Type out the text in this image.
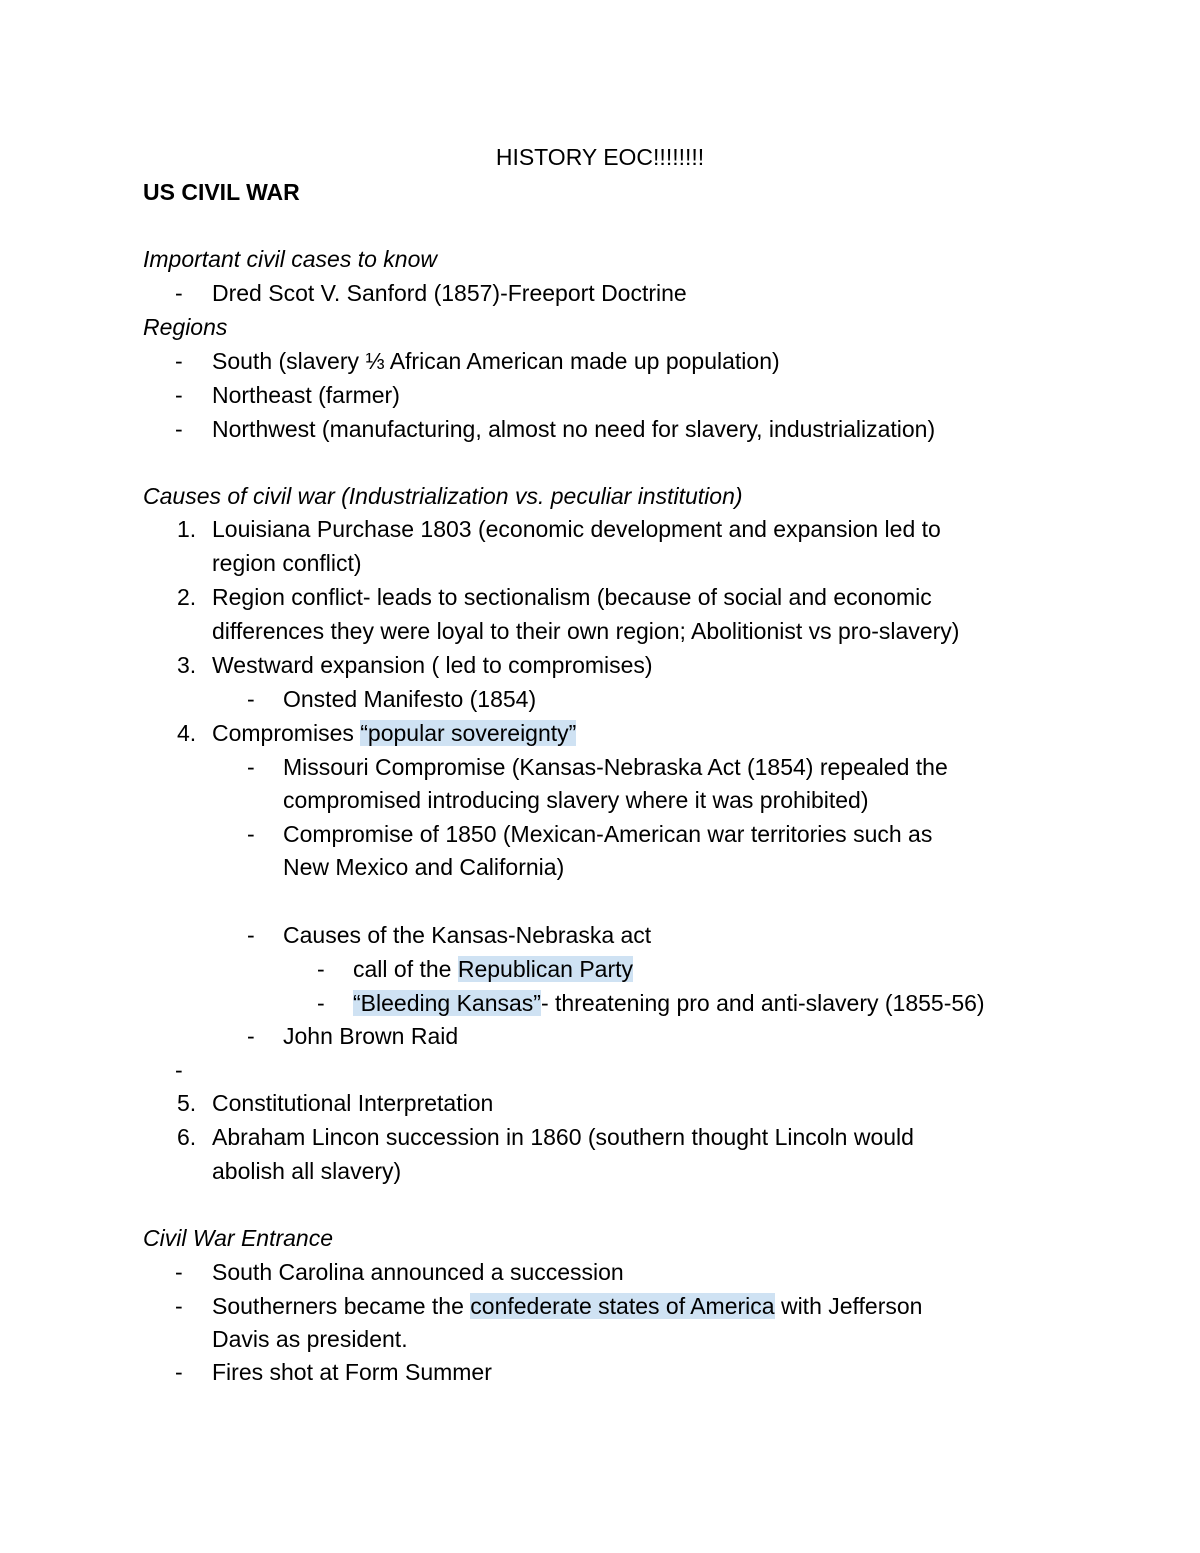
HISTORY EOC!!!!!!!!
US CIVIL WAR
Important civil cases to know
- Dred Scot V. Sanford (1857)-Freeport Doctrine
Regions
- South (slavery ⅓ African American made up population)
- Northeast (farmer)
- Northwest (manufacturing, almost no need for slavery, industrialization)
Causes of civil war (Industrialization vs. peculiar institution)
1. Louisiana Purchase 1803 (economic development and expansion led to
region conflict)
2. Region conflict- leads to sectionalism (because of social and economic
differences they were loyal to their own region; Abolitionist vs pro-slavery)
3. Westward expansion ( led to compromises)
- Onsted Manifesto (1854)
4. Compromises “popular sovereignty”
- Missouri Compromise (Kansas-Nebraska Act (1854) repealed the
compromised introducing slavery where it was prohibited)
- Compromise of 1850 (Mexican-American war territories such as
New Mexico and California)
- Causes of the Kansas-Nebraska act
- call of the Republican Party
- “Bleeding Kansas”- threatening pro and anti-slavery (1855-56)
- John Brown Raid
-
5. Constitutional Interpretation
6. Abraham Lincon succession in 1860 (southern thought Lincoln would
abolish all slavery)
Civil War Entrance
- South Carolina announced a succession
- Southerners became the confederate states of America with Jefferson
Davis as president.
- Fires shot at Form Summer
